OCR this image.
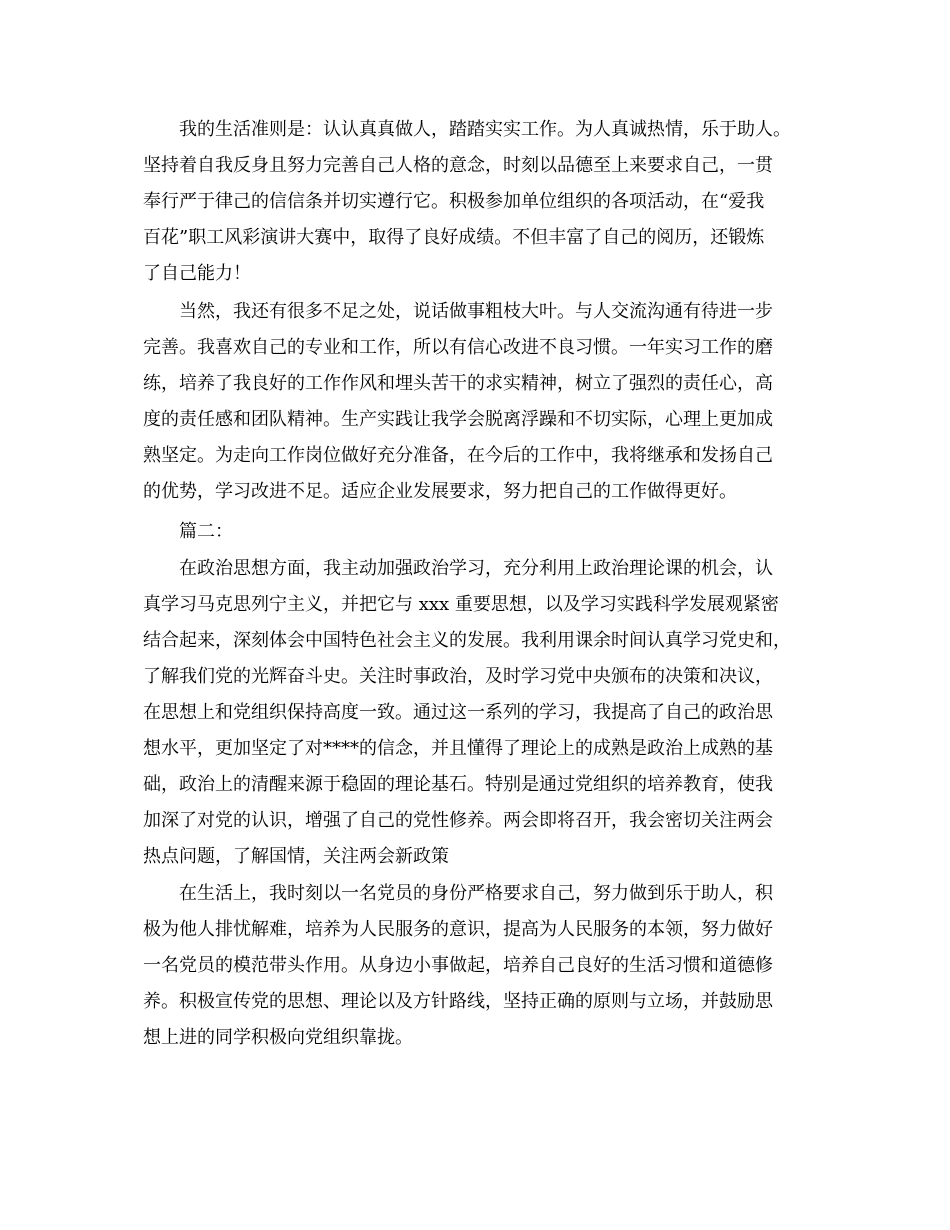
我的生活准则是：认认真真做人，踏踏实实工作。为人真诚热情，乐于助人。
坚持着自我反身且努力完善自己人格的意念，时刻以品德至上来要求自己，一贯
奉行严于律己的信信条并切实遵行它。积极参加单位组织的各项活动，在“爱我
百花”职工风彩演讲大赛中，取得了良好成绩。不但丰富了自己的阅历，还锻炼
了自己能力！
当然，我还有很多不足之处，说话做事粗枝大叶。与人交流沟通有待进一步
完善。我喜欢自己的专业和工作，所以有信心改进不良习惯。一年实习工作的磨
练，培养了我良好的工作作风和埋头苦干的求实精神，树立了强烈的责任心，高
度的责任感和团队精神。生产实践让我学会脱离浮躁和不切实际，心理上更加成
熟坚定。为走向工作岗位做好充分准备，在今后的工作中，我将继承和发扬自己
的优势，学习改进不足。适应企业发展要求，努力把自己的工作做得更好。
篇二：
在政治思想方面，我主动加强政治学习，充分利用上政治理论课的机会，认
真学习马克思列宁主义，并把它与 xxx 重要思想，以及学习实践科学发展观紧密
结合起来，深刻体会中国特色社会主义的发展。我利用课余时间认真学习党史和，
了解我们党的光辉奋斗史。关注时事政治，及时学习党中央颁布的决策和决议，
在思想上和党组织保持高度一致。通过这一系列的学习，我提高了自己的政治思
想水平，更加坚定了对****的信念，并且懂得了理论上的成熟是政治上成熟的基
础，政治上的清醒来源于稳固的理论基石。特别是通过党组织的培养教育，使我
加深了对党的认识，增强了自己的党性修养。两会即将召开，我会密切关注两会
热点问题，了解国情，关注两会新政策
在生活上，我时刻以一名党员的身份严格要求自己，努力做到乐于助人，积
极为他人排忧解难，培养为人民服务的意识，提高为人民服务的本领，努力做好
一名党员的模范带头作用。从身边小事做起，培养自己良好的生活习惯和道德修
养。积极宣传党的思想、理论以及方针路线，坚持正确的原则与立场，并鼓励思
想上进的同学积极向党组织靠拢。
